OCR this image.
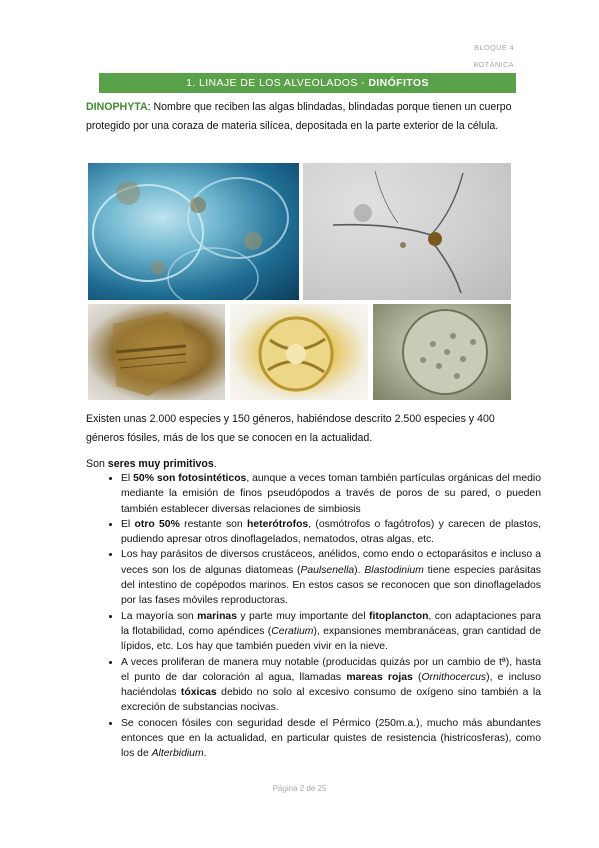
BLOQUE 4
BOTÁNICA
1. LINAJE DE LOS ALVEOLADOS - DINÓFITOS
DINOPHYTA: Nombre que reciben las algas blindadas, blindadas porque tienen un cuerpo protegido por una coraza de materia silícea, depositada en la parte exterior de la célula.
Existen unas 2.000 especies y 150 géneros, habiéndose descrito 2.500 especies y 400 géneros fósiles, más de los que se conocen en la actualidad.
Son seres muy primitivos.
• El 50% son fotosintéticos, aunque a veces toman también partículas orgánicas del medio mediante la emisión de finos pseudópodos a través de poros de su pared, o pueden también establecer diversas relaciones de simbiosis
• El otro 50% restante son heterótrofos, (osmótrofos o fagótrofos) y carecen de plastos, pudiendo apresar otros dinoflagelados, nematodos, otras algas, etc.
• Los hay parásitos de diversos crustáceos, anélidos, como endo o ectoparásitos e incluso a veces son los de algunas diatomeas (Paulsenella). Blastodinium tiene especies parásitas del intestino de copépodos marinos. En estos casos se reconocen que son dinoflagelados por las fases móviles reproductoras.
• La mayoría son marinas y parte muy importante del fitoplancton, con adaptaciones para la flotabilidad, como apéndices (Ceratium), expansiones membranáceas, gran cantidad de lípidos, etc. Los hay que también pueden vivir en la nieve.
• A veces proliferan de manera muy notable (producidas quizás por un cambio de tª), hasta el punto de dar coloración al agua, llamadas mareas rojas (Ornithocercus), e incluso haciéndolas tóxicas debido no solo al excesivo consumo de oxígeno sino también a la excreción de substancias nocivas.
• Se conocen fósiles con seguridad desde el Pérmico (250m.a.), mucho más abundantes entonces que en la actualidad, en particular quistes de resistencia (histricosferas), como los de Alterbidium.
Página 2 de 25
